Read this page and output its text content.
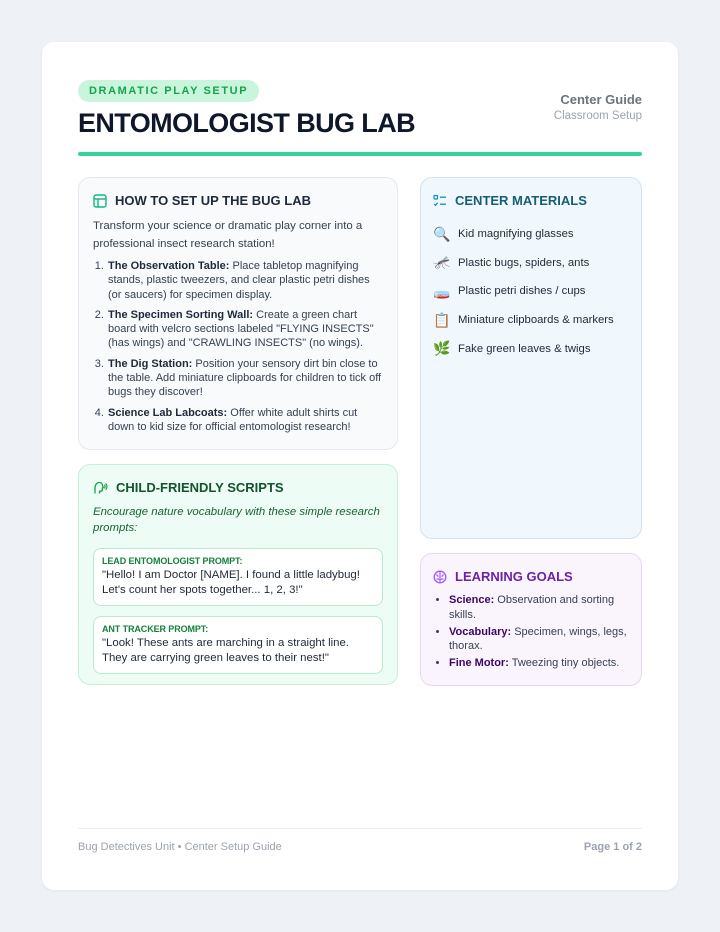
DRAMATIC PLAY SETUP
ENTOMOLOGIST BUG LAB
Center Guide
Classroom Setup
HOW TO SET UP THE BUG LAB

Transform your science or dramatic play corner into a professional insect research station!

1. The Observation Table: Place tabletop magnifying stands, plastic tweezers, and clear plastic petri dishes (or saucers) for specimen display.
2. The Specimen Sorting Wall: Create a green chart board with velcro sections labeled "FLYING INSECTS" (has wings) and "CRAWLING INSECTS" (no wings).
3. The Dig Station: Position your sensory dirt bin close to the table. Add miniature clipboards for children to tick off bugs they discover!
4. Science Lab Labcoats: Offer white adult shirts cut down to kid size for official entomologist research!
CENTER MATERIALS
🔍 Kid magnifying glasses
🦟 Plastic bugs, spiders, ants
🧫 Plastic petri dishes / cups
📋 Miniature clipboards & markers
🌿 Fake green leaves & twigs
CHILD-FRIENDLY SCRIPTS

Encourage nature vocabulary with these simple research prompts:

LEAD ENTOMOLOGIST PROMPT:
"Hello! I am Doctor [NAME]. I found a little ladybug! Let's count her spots together... 1, 2, 3!"
ANT TRACKER PROMPT:
"Look! These ants are marching in a straight line. They are carrying green leaves to their nest!"
LEARNING GOALS
• Science: Observation and sorting skills.
• Vocabulary: Specimen, wings, legs, thorax.
• Fine Motor: Tweezing tiny objects.
Bug Detectives Unit • Center Setup Guide	Page 1 of 2
